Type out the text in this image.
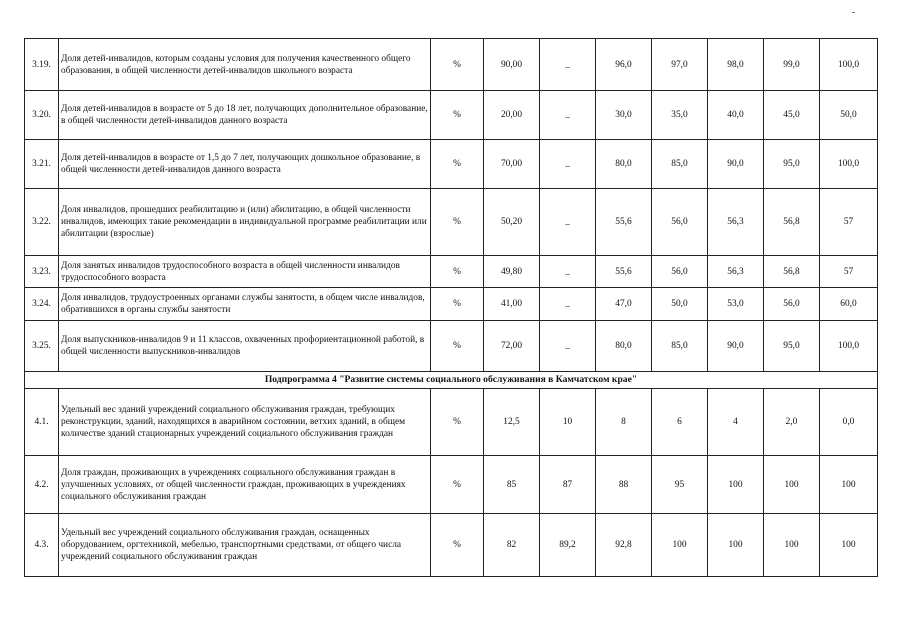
3.19.	Доля детей-инвалидов, которым созданы условия для получения качественного общего образования, в общей численности детей-инвалидов школьного возраста	%	90,00	_	96,0	97,0	98,0	99,0	100,0
3.20.	Доля детей-инвалидов в возрасте от 5 до 18 лет, получающих дополнительное образование, в общей численности детей-инвалидов данного возраста	%	20,00	_	30,0	35,0	40,0	45,0	50,0
3.21.	Доля детей-инвалидов в возрасте от 1,5 до 7 лет, получающих дошкольное образование, в общей численности детей-инвалидов данного возраста	%	70,00	_	80,0	85,0	90,0	95,0	100,0
3.22.	Доля инвалидов, прошедших реабилитацию и (или) абилитацию, в общей численности инвалидов, имеющих такие рекомендации в индивидуальной программе реабилитации или абилитации (взрослые)	%	50,20	_	55,6	56,0	56,3	56,8	57
3.23.	Доля занятых инвалидов трудоспособного возраста в общей численности инвалидов трудоспособного возраста	%	49,80	_	55,6	56,0	56,3	56,8	57
3.24.	Доля инвалидов, трудоустроенных органами службы занятости, в общем числе инвалидов, обратившихся в органы службы занятости	%	41,00	_	47,0	50,0	53,0	56,0	60,0
3.25.	Доля выпускников-инвалидов 9 и 11 классов, охваченных профориентационной работой, в общей численности выпускников-инвалидов	%	72,00	_	80,0	85,0	90,0	95,0	100,0
Подпрограмма 4 "Развитие системы социального обслуживания в Камчатском крае"									
4.1.	Удельный вес зданий учреждений социального обслуживания граждан, требующих реконструкции, зданий, находящихся в аварийном состоянии, ветхих зданий, в общем количестве зданий стационарных учреждений социального обслуживания граждан	%	12,5	10	8	6	4	2,0	0,0
4.2.	Доля граждан, проживающих в учреждениях социального обслуживания граждан в улучшенных условиях, от общей численности граждан, проживающих в учреждениях социального обслуживания граждан	%	85	87	88	95	100	100	100
4.3.	Удельный вес учреждений социального обслуживания граждан, оснащенных оборудованием, оргтехникой, мебелью, транспортными средствами, от общего числа учреждений социального обслуживания граждан	%	82	89,2	92,8	100	100	100	100
